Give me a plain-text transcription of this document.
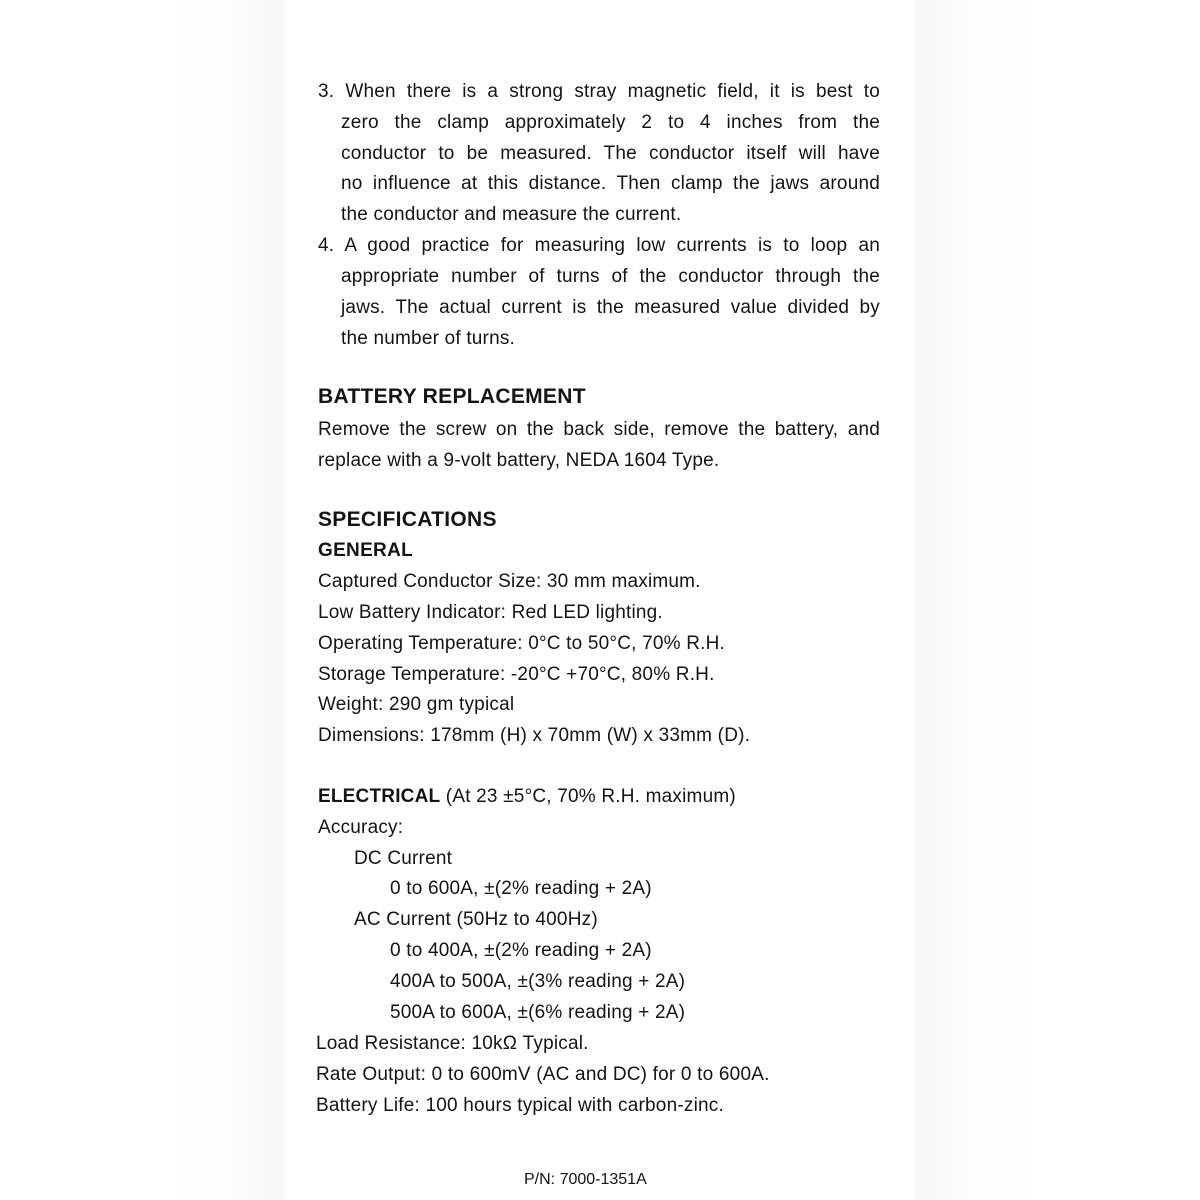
3. When there is a strong stray magnetic field, it is best to
zero the clamp approximately 2 to 4 inches from the
conductor to be measured. The conductor itself will have
no influence at this distance. Then clamp the jaws around
the conductor and measure the current.
4. A good practice for measuring low currents is to loop an
appropriate number of turns of the conductor through the
jaws. The actual current is the measured value divided by
the number of turns.
BATTERY REPLACEMENT
Remove the screw on the back side, remove the battery, and
replace with a 9-volt battery, NEDA 1604 Type.
SPECIFICATIONS
GENERAL
Captured Conductor Size: 30 mm maximum.
Low Battery Indicator: Red LED lighting.
Operating Temperature: 0°C to 50°C, 70% R.H.
Storage Temperature: -20°C +70°C, 80% R.H.
Weight: 290 gm typical
Dimensions: 178mm (H) x 70mm (W) x 33mm (D).
ELECTRICAL (At 23 ±5°C, 70% R.H. maximum)
Accuracy:
DC Current
0 to 600A, ±(2% reading + 2A)
AC Current (50Hz to 400Hz)
0 to 400A, ±(2% reading + 2A)
400A to 500A, ±(3% reading + 2A)
500A to 600A, ±(6% reading + 2A)
Load Resistance: 10kΩ Typical.
Rate Output: 0 to 600mV (AC and DC) for 0 to 600A.
Battery Life: 100 hours typical with carbon-zinc.
P/N: 7000-1351A
